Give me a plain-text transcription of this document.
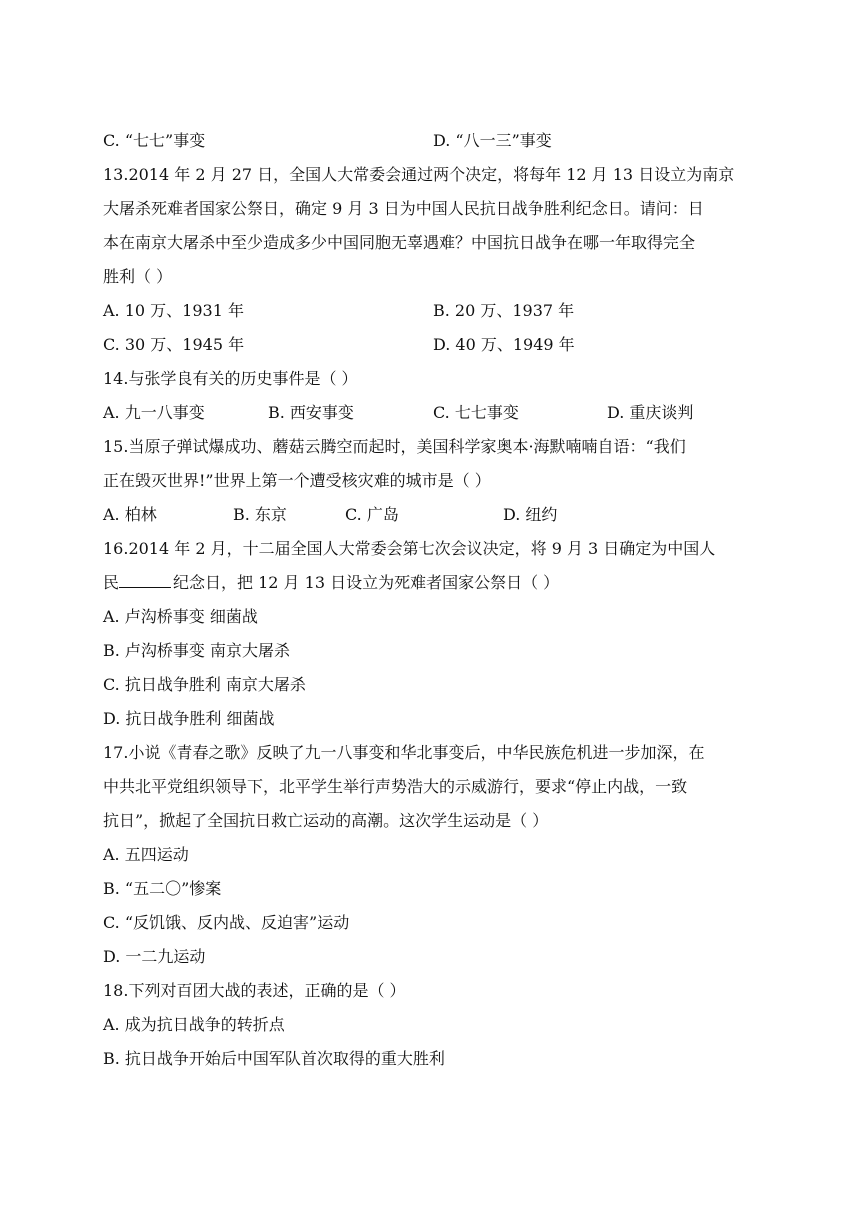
C. “七七”事变	D. “八一三”事变
13.2014 年 2 月 27 日，全国人大常委会通过两个决定，将每年 12 月 13 日设立为南京
大屠杀死难者国家公祭日，确定 9 月 3 日为中国人民抗日战争胜利纪念日。请问：日
本在南京大屠杀中至少造成多少中国同胞无辜遇难？中国抗日战争在哪一年取得完全
胜利（ ）
A. 10 万、1931 年	B. 20 万、1937 年
C. 30 万、1945 年	D. 40 万、1949 年
14.与张学良有关的历史事件是（ ）
A. 九一八事变	B. 西安事变	C. 七七事变	D. 重庆谈判
15.当原子弹试爆成功、蘑菇云腾空而起时，美国科学家奥本·海默喃喃自语：“我们
正在毁灭世界!”世界上第一个遭受核灾难的城市是（ ）
A. 柏林	B. 东京	C. 广岛	D. 纽约
16.2014 年 2 月，十二届全国人大常委会第七次会议决定，将 9 月 3 日确定为中国人
民	纪念日，把 12 月 13 日设立为死难者国家公祭日（ ）
A. 卢沟桥事变 细菌战
B. 卢沟桥事变 南京大屠杀
C. 抗日战争胜利 南京大屠杀
D. 抗日战争胜利 细菌战
17.小说《青春之歌》反映了九一八事变和华北事变后，中华民族危机进一步加深，在
中共北平党组织领导下，北平学生举行声势浩大的示威游行，要求“停止内战，一致
抗日”，掀起了全国抗日救亡运动的高潮。这次学生运动是（ ）
A. 五四运动
B. “五二〇”惨案
C. “反饥饿、反内战、反迫害”运动
D. 一二九运动
18.下列对百团大战的表述，正确的是（ ）
A. 成为抗日战争的转折点
B. 抗日战争开始后中国军队首次取得的重大胜利
